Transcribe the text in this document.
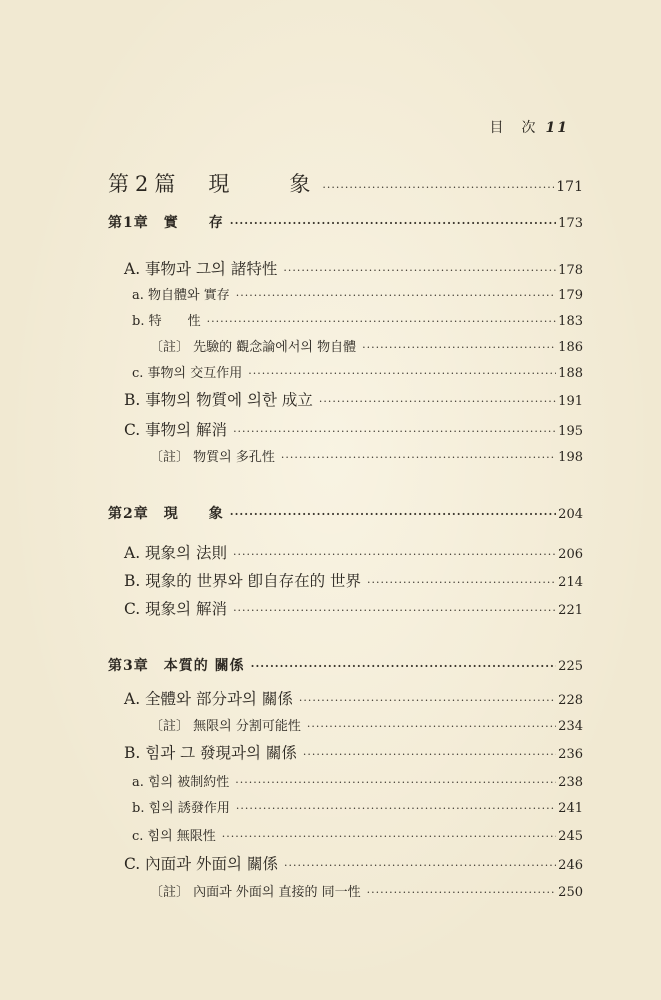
目　次 11
第2篇　現　　象 ·····	171
第1章　實　　存 ·····	173
A. 事物과 그의 諸特性 ·····	178
a. 物自體와 實存 ·····	179
b. 特　　性 ·····	183
〔註〕 先驗的 觀念論에서의 物自體 ·····	186
c. 事物의 交互作用 ·····	188
B. 事物의 物質에 의한 成立 ·····	191
C. 事物의 解消 ·····	195
〔註〕 物質의 多孔性 ·····	198
第2章　現　　象 ·····	204
A. 現象의 法則 ·····	206
B. 現象的 世界와 卽自存在的 世界 ·····	214
C. 現象의 解消 ·····	221
第3章　本質的 關係 ·····	225
A. 全體와 部分과의 關係 ·····	228
〔註〕 無限의 分割可能性 ·····	234
B. 힘과 그 發現과의 關係 ·····	236
a. 힘의 被制約性 ·····	238
b. 힘의 誘發作用 ·····	241
c. 힘의 無限性 ·····	245
C. 內面과 外面의 關係 ·····	246
〔註〕 內面과 外面의 直接的 同一性 ·····	250
